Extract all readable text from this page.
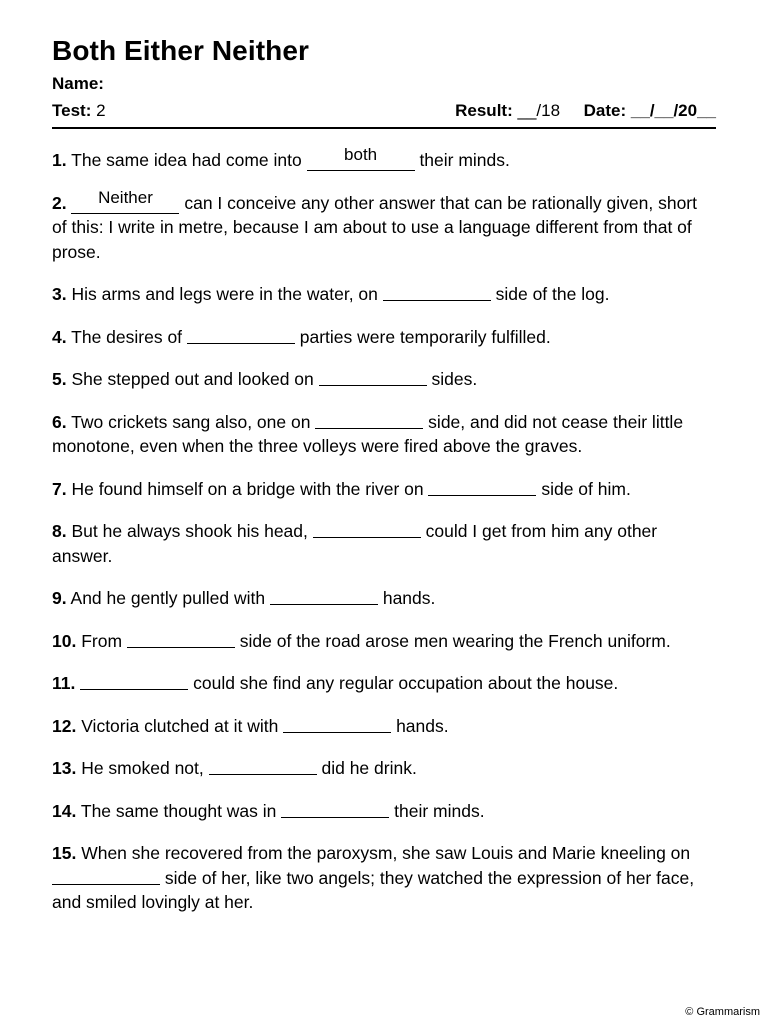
Both Either Neither
Name:
Test: 2	Result: __/18 Date: __/__/20__

1. The same idea had come into both their minds.

2. Neither can I conceive any other answer that can be rationally given, short of this: I write in metre, because I am about to use a language different from that of prose.

3. His arms and legs were in the water, on	side of the log.

4. The desires of	parties were temporarily fulfilled.

5. She stepped out and looked on	sides.

6. Two crickets sang also, one on	side, and did not cease their little monotone, even when the three volleys were fired above the graves.

7. He found himself on a bridge with the river on	side of him.

8. But he always shook his head,	could I get from him any other answer.

9. And he gently pulled with	hands.

10. From	side of the road arose men wearing the French uniform.

11.	could she find any regular occupation about the house.

12. Victoria clutched at it with	hands.

13. He smoked not,	did he drink.

14. The same thought was in	their minds.

15. When she recovered from the paroxysm, she saw Louis and Marie kneeling on  side of her, like two angels; they watched the expression of her face, and smiled lovingly at her.

© Grammarism
